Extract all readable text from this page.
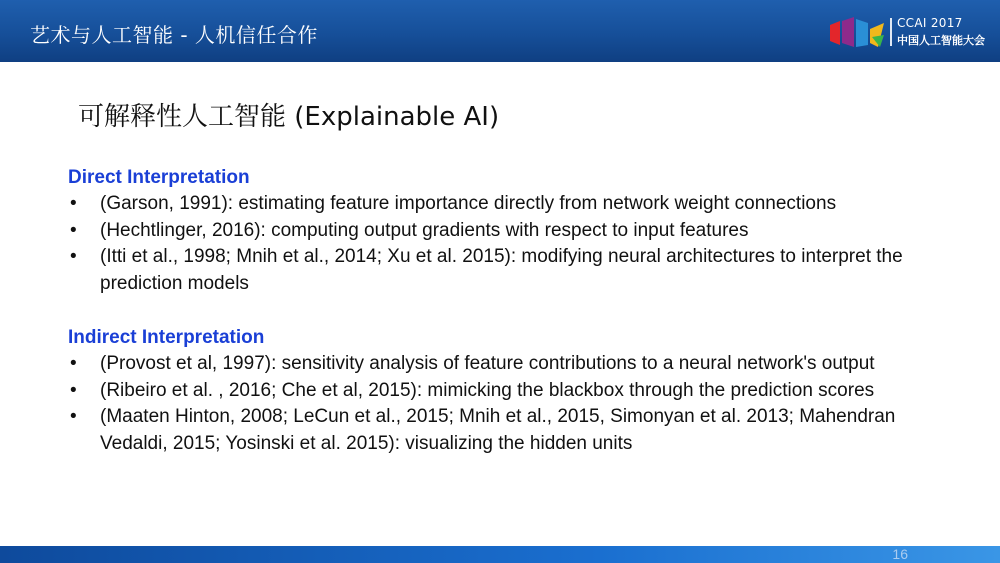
艺术与人工智能 - 人机信任合作	CCAI 2017
中国人工智能大会
可解释性人工智能 (Explainable AI)
Direct Interpretation
• (Garson, 1991): estimating feature importance directly from network weight connections
• (Hechtlinger, 2016): computing output gradients with respect to input features
• (Itti et al., 1998; Mnih et al., 2014; Xu et al. 2015): modifying neural architectures to interpret the prediction models
Indirect Interpretation
• (Provost et al, 1997): sensitivity analysis of feature contributions to a neural network's output
• (Ribeiro et al. , 2016; Che et al, 2015): mimicking the blackbox through the prediction scores
• (Maaten Hinton, 2008; LeCun et al., 2015; Mnih et al., 2015, Simonyan et al. 2013; Mahendran Vedaldi, 2015; Yosinski et al. 2015): visualizing the hidden units
16
